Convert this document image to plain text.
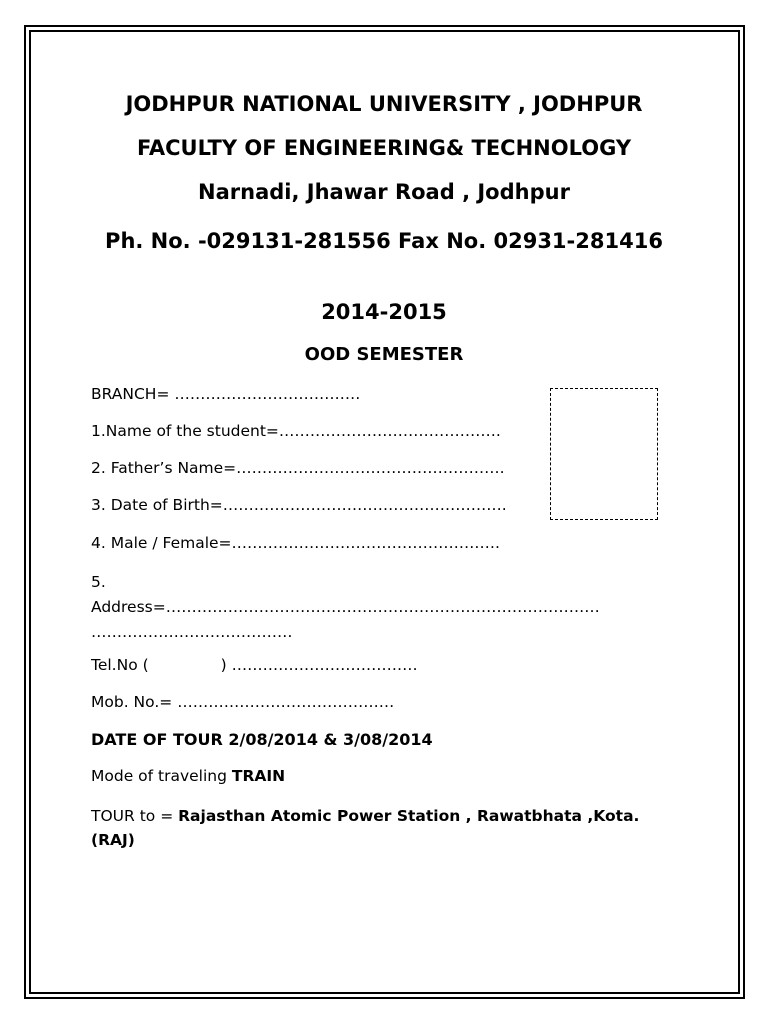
JODHPUR NATIONAL UNIVERSITY , JODHPUR
FACULTY OF ENGINEERING& TECHNOLOGY
Narnadi, Jhawar Road , Jodhpur
Ph. No. -029131-281556 Fax No. 02931-281416
2014-2015
OOD SEMESTER
BRANCH= ………………………………
1.Name of the student=…………………………………….
2. Father’s Name=…………………………………………….
3. Date of Birth=……………………………………………….
4. Male / Female=…………………………………………….
5.
Address=…………………………………………………………………………
…………………………………
Tel.No (	) ………………………………
Mob. No.= ……………………………………
DATE OF TOUR 2/08/2014 & 3/08/2014
Mode of traveling TRAIN
TOUR to = Rajasthan Atomic Power Station , Rawatbhata ,Kota.(RAJ)
